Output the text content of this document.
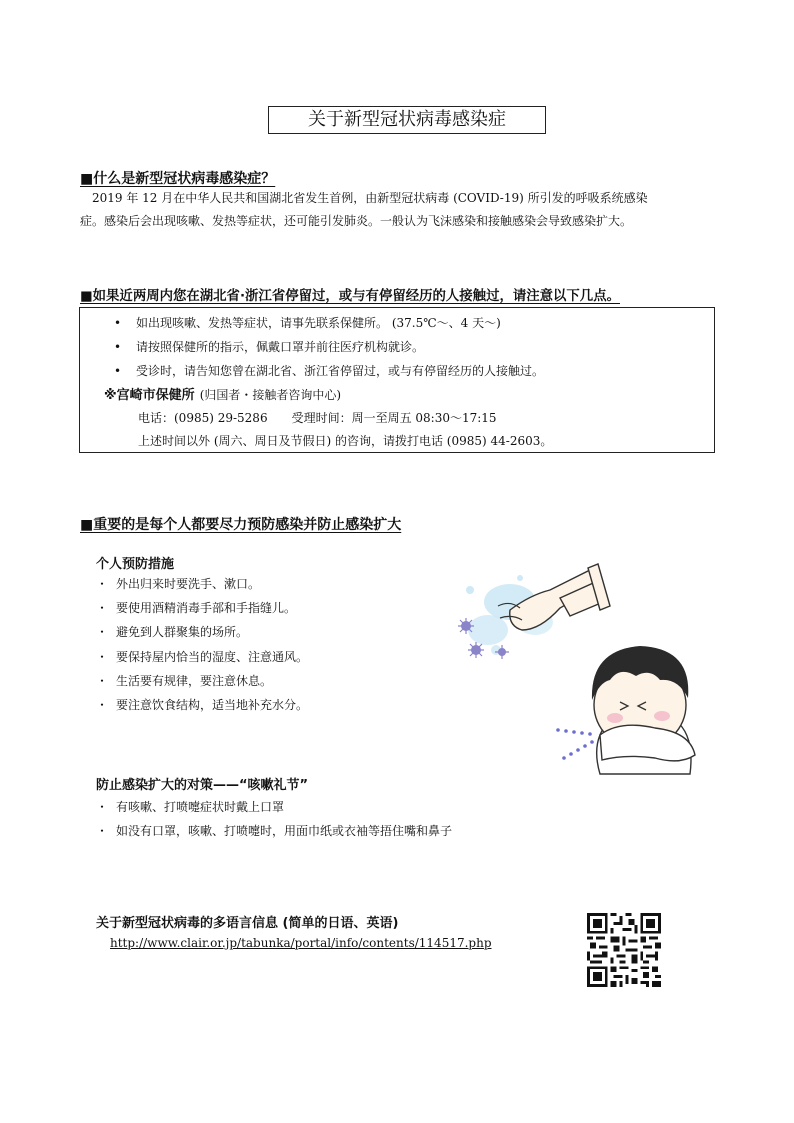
关于新型冠状病毒感染症
■什么是新型冠状病毒感染症？
2019 年 12 月在中华人民共和国湖北省发生首例，由新型冠状病毒 (COVID-19) 所引发的呼吸系统感染
症。感染后会出现咳嗽、发热等症状，还可能引发肺炎。一般认为飞沫感染和接触感染会导致感染扩大。
■如果近两周内您在湖北省·浙江省停留过，或与有停留经历的人接触过，请注意以下几点。
• 如出现咳嗽、发热等症状，请事先联系保健所。 (37.5℃～、4 天～)
• 请按照保健所的指示，佩戴口罩并前往医疗机构就诊。
• 受诊时，请告知您曾在湖北省、浙江省停留过，或与有停留经历的人接触过。
※宫崎市保健所 (归国者・接触者咨询中心)
电话：(0985) 29-5286　　受理时间：周一至周五 08:30～17:15
上述时间以外 (周六、周日及节假日) 的咨询，请拨打电话 (0985) 44-2603。
■重要的是每个人都要尽力预防感染并防止感染扩大
个人预防措施
・ 外出归来时要洗手、漱口。
・ 要使用酒精消毒手部和手指缝儿。
・ 避免到人群聚集的场所。
・ 要保持屋内恰当的湿度、注意通风。
・ 生活要有规律，要注意休息。
・ 要注意饮食结构，适当地补充水分。
防止感染扩大的对策——“咳嗽礼节”
・ 有咳嗽、打喷嚏症状时戴上口罩
・ 如没有口罩，咳嗽、打喷嚏时，用面巾纸或衣袖等捂住嘴和鼻子
关于新型冠状病毒的多语言信息 (简单的日语、英语)
http://www.clair.or.jp/tabunka/portal/info/contents/114517.php
